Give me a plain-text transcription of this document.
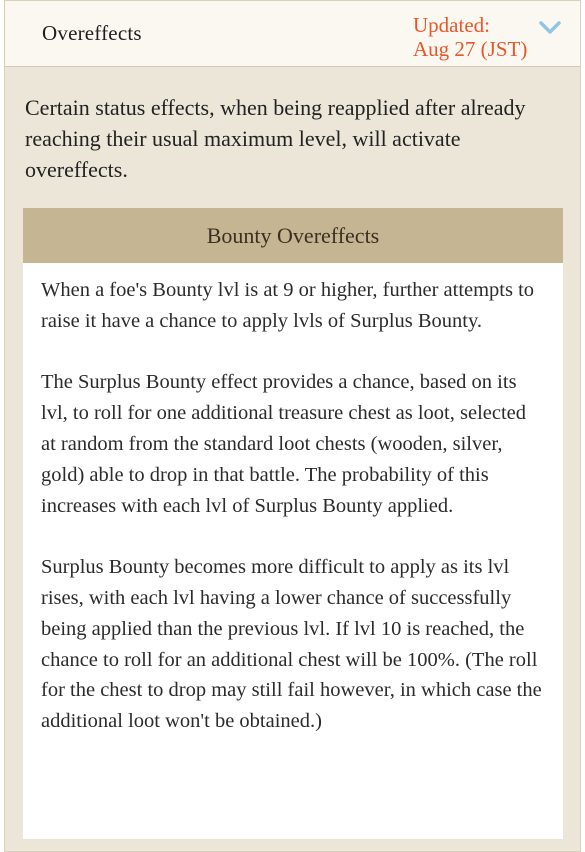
Overeffects	Updated:
Aug 27 (JST)
Certain status effects, when being reapplied after already reaching their usual maximum level, will activate overeffects.
Bounty Overeffects

When a foe's Bounty lvl is at 9 or higher, further attempts to raise it have a chance to apply lvls of Surplus Bounty.

The Surplus Bounty effect provides a chance, based on its lvl, to roll for one additional treasure chest as loot, selected at random from the standard loot chests (wooden, silver, gold) able to drop in that battle. The probability of this increases with each lvl of Surplus Bounty applied.

Surplus Bounty becomes more difficult to apply as its lvl rises, with each lvl having a lower chance of successfully being applied than the previous lvl. If lvl 10 is reached, the chance to roll for an additional chest will be 100%. (The roll for the chest to drop may still fail however, in which case the additional loot won't be obtained.)
